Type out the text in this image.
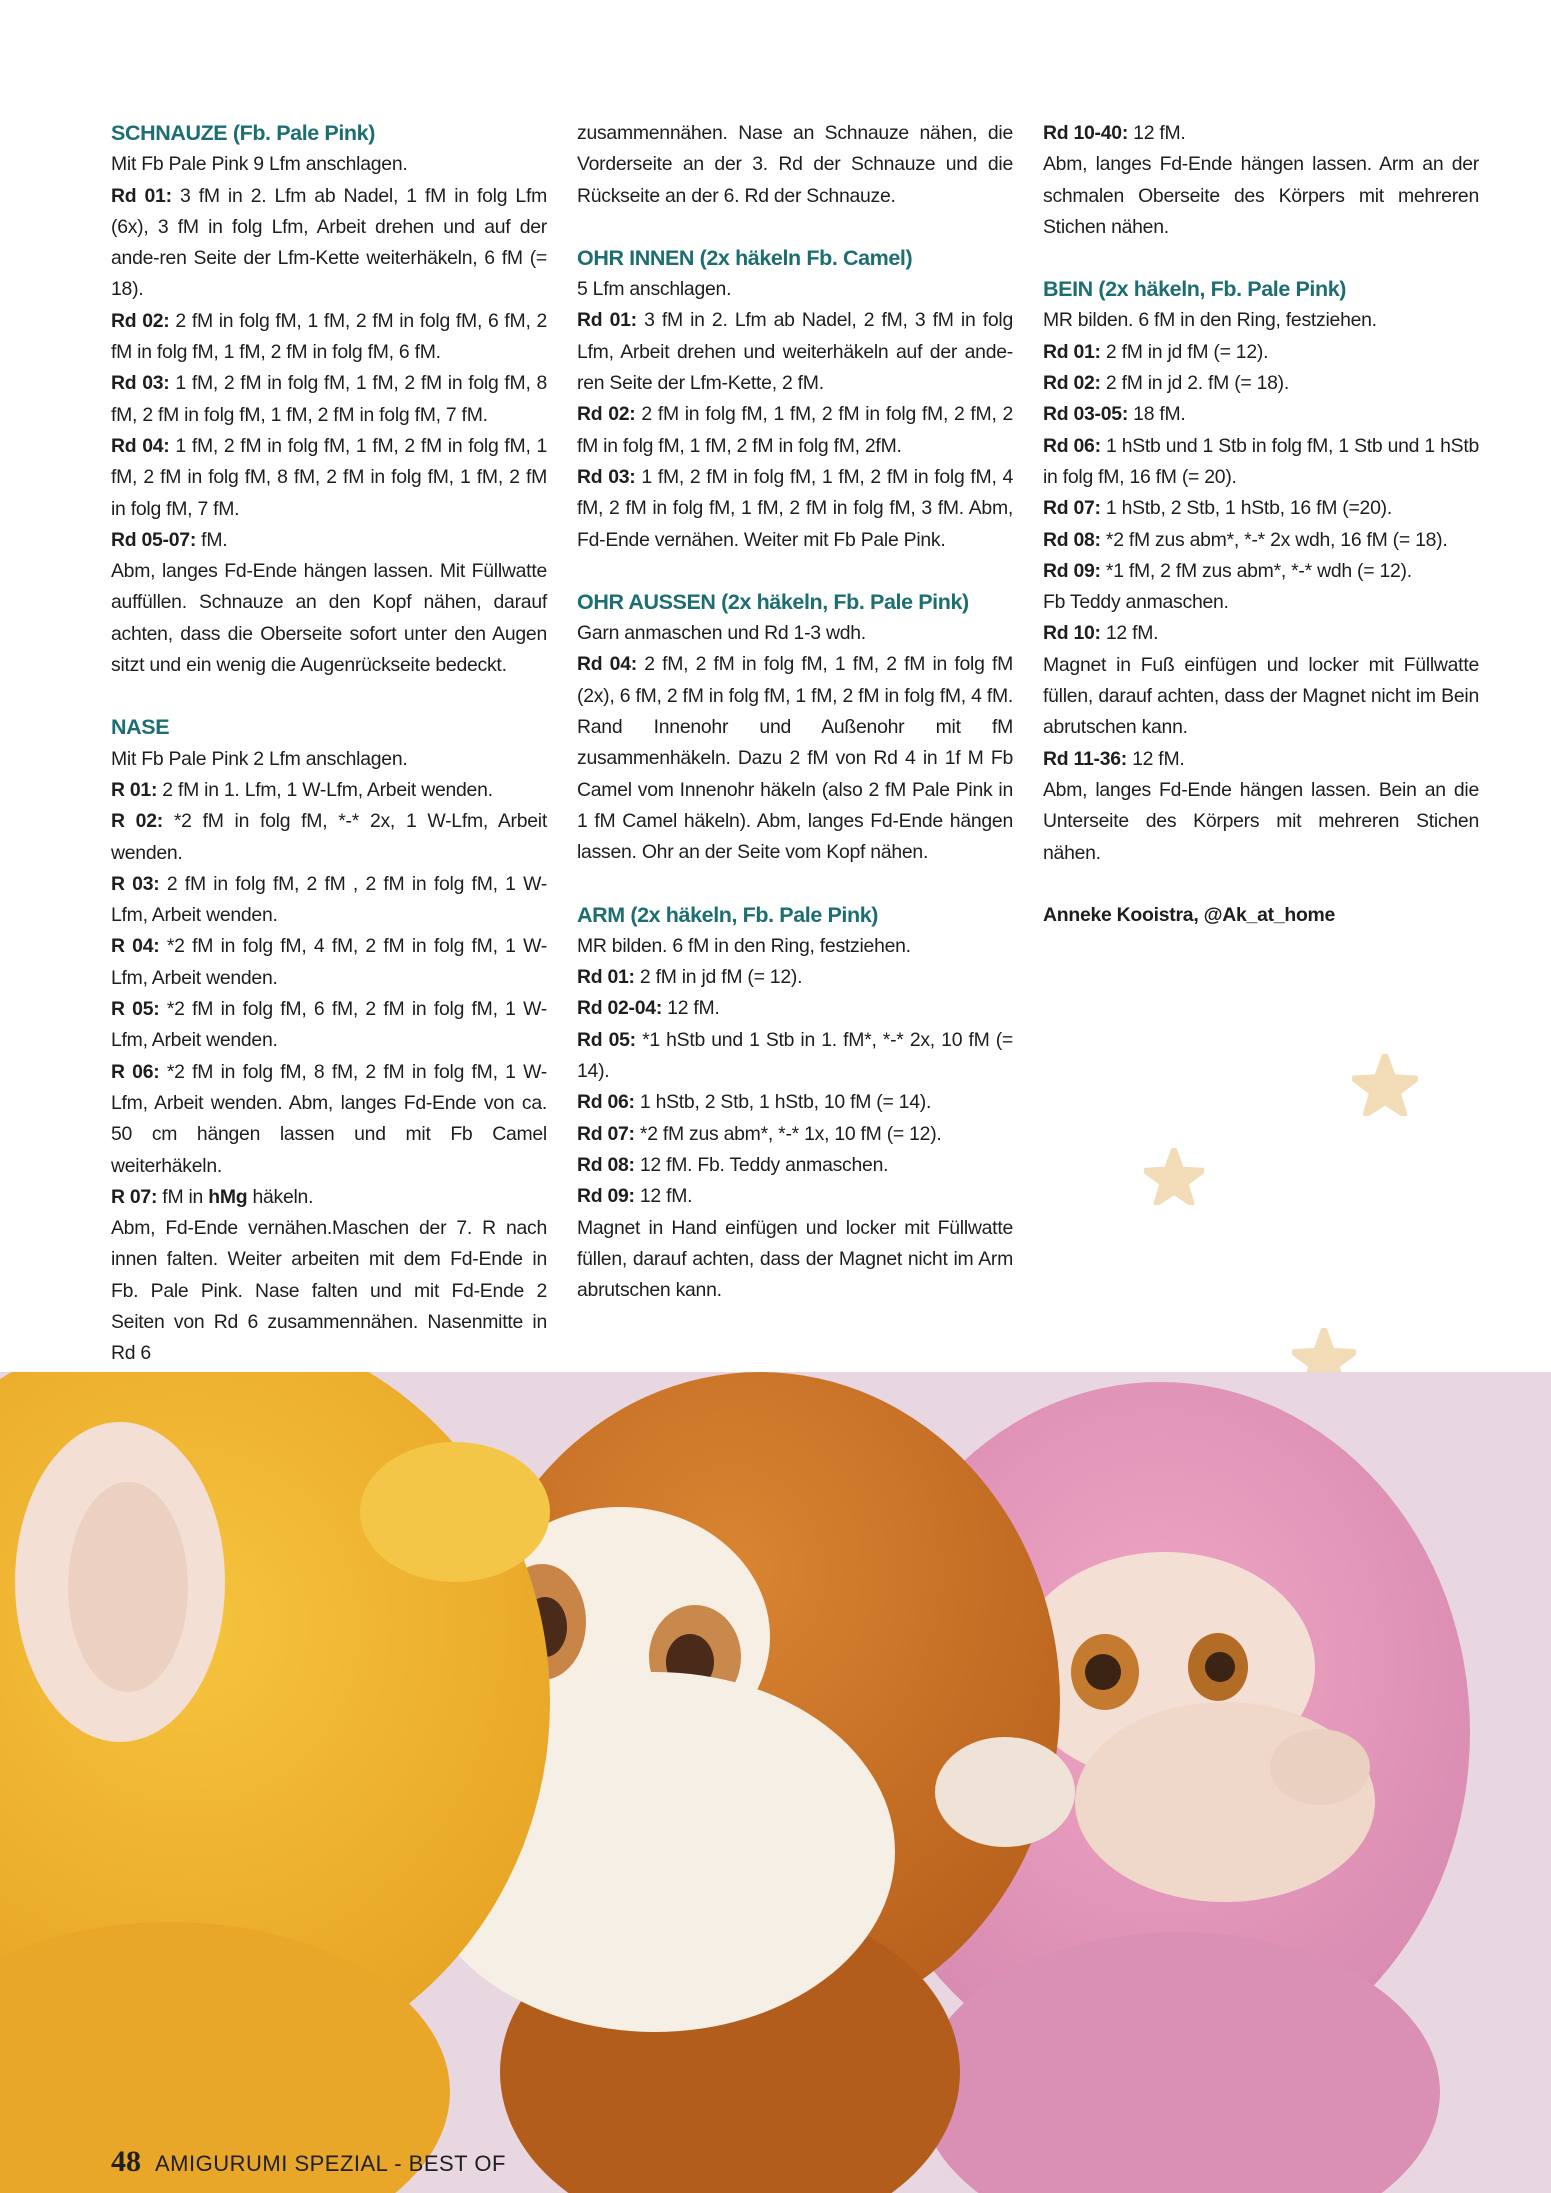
SCHNAUZE (Fb. Pale Pink)

Mit Fb Pale Pink 9 Lfm anschlagen.

Rd 01: 3 fM in 2. Lfm ab Nadel, 1 fM in folg Lfm (6x), 3 fM in folg Lfm, Arbeit drehen und auf der ande-ren Seite der Lfm-Kette weiterhäkeln, 6 fM (= 18).

Rd 02: 2 fM in folg fM, 1 fM, 2 fM in folg fM, 6 fM, 2 fM in folg fM, 1 fM, 2 fM in folg fM, 6 fM.

Rd 03: 1 fM, 2 fM in folg fM, 1 fM, 2 fM in folg fM, 8 fM, 2 fM in folg fM, 1 fM, 2 fM in folg fM, 7 fM.

Rd 04: 1 fM, 2 fM in folg fM, 1 fM, 2 fM in folg fM, 1 fM, 2 fM in folg fM, 8 fM, 2 fM in folg fM, 1 fM, 2 fM in folg fM, 7 fM.

Rd 05-07: fM.

Abm, langes Fd-Ende hängen lassen. Mit Füllwatte auffüllen. Schnauze an den Kopf nähen, darauf achten, dass die Oberseite sofort unter den Augen sitzt und ein wenig die Augenrückseite bedeckt.

NASE

Mit Fb Pale Pink 2 Lfm anschlagen.

R 01: 2 fM in 1. Lfm, 1 W-Lfm, Arbeit wenden.

R 02: *2 fM in folg fM, *-* 2x, 1 W-Lfm, Arbeit wenden.

R 03: 2 fM in folg fM, 2 fM , 2 fM in folg fM, 1 W-Lfm, Arbeit wenden.

R 04: *2 fM in folg fM, 4 fM, 2 fM in folg fM, 1 W-Lfm, Arbeit wenden.

R 05: *2 fM in folg fM, 6 fM, 2 fM in folg fM, 1 W-Lfm, Arbeit wenden.

R 06: *2 fM in folg fM, 8 fM, 2 fM in folg fM, 1 W-Lfm, Arbeit wenden. Abm, langes Fd-Ende von ca. 50 cm hängen lassen und mit Fb Camel weiterhäkeln.

R 07: fM in hMg häkeln.

Abm, Fd-Ende vernähen.Maschen der 7. R nach innen falten. Weiter arbeiten mit dem Fd-Ende in Fb. Pale Pink. Nase falten und mit Fd-Ende 2 Seiten von Rd 6 zusammennähen. Nasenmitte in Rd 6

zusammennähen. Nase an Schnauze nähen, die Vorderseite an der 3. Rd der Schnauze und die Rückseite an der 6. Rd der Schnauze.

OHR INNEN (2x häkeln Fb. Camel)

5 Lfm anschlagen.

Rd 01: 3 fM in 2. Lfm ab Nadel, 2 fM, 3 fM in folg Lfm, Arbeit drehen und weiterhäkeln auf der ande-ren Seite der Lfm-Kette, 2 fM.

Rd 02: 2 fM in folg fM, 1 fM, 2 fM in folg fM, 2 fM, 2 fM in folg fM, 1 fM, 2 fM in folg fM, 2fM.

Rd 03: 1 fM, 2 fM in folg fM, 1 fM, 2 fM in folg fM, 4 fM, 2 fM in folg fM, 1 fM, 2 fM in folg fM, 3 fM. Abm, Fd-Ende vernähen. Weiter mit Fb Pale Pink.

OHR AUSSEN (2x häkeln, Fb. Pale Pink)

Garn anmaschen und Rd 1-3 wdh.

Rd 04: 2 fM, 2 fM in folg fM, 1 fM, 2 fM in folg fM (2x), 6 fM, 2 fM in folg fM, 1 fM, 2 fM in folg fM, 4 fM. Rand Innenohr und Außenohr mit fM zusammenhäkeln. Dazu 2 fM von Rd 4 in 1f M Fb Camel vom Innenohr häkeln (also 2 fM Pale Pink in 1 fM Camel häkeln). Abm, langes Fd-Ende hängen lassen. Ohr an der Seite vom Kopf nähen.

ARM (2x häkeln, Fb. Pale Pink)

MR bilden. 6 fM in den Ring, festziehen.

Rd 01: 2 fM in jd fM (= 12).

Rd 02-04: 12 fM.

Rd 05: *1 hStb und 1 Stb in 1. fM*, *-* 2x, 10 fM (= 14).

Rd 06: 1 hStb, 2 Stb, 1 hStb, 10 fM (= 14).

Rd 07: *2 fM zus abm*, *-* 1x, 10 fM (= 12).

Rd 08: 12 fM. Fb. Teddy anmaschen.

Rd 09: 12 fM.

Magnet in Hand einfügen und locker mit Füllwatte füllen, darauf achten, dass der Magnet nicht im Arm abrutschen kann.

Rd 10-40: 12 fM.

Abm, langes Fd-Ende hängen lassen. Arm an der schmalen Oberseite des Körpers mit mehreren Stichen nähen.

BEIN (2x häkeln, Fb. Pale Pink)

MR bilden. 6 fM in den Ring, festziehen.

Rd 01: 2 fM in jd fM (= 12).

Rd 02: 2 fM in jd 2. fM (= 18).

Rd 03-05: 18 fM.

Rd 06: 1 hStb und 1 Stb in folg fM, 1 Stb und 1 hStb in folg fM, 16 fM (= 20).

Rd 07: 1 hStb, 2 Stb, 1 hStb, 16 fM (=20).

Rd 08: *2 fM zus abm*, *-* 2x wdh, 16 fM (= 18).

Rd 09: *1 fM, 2 fM zus abm*, *-* wdh (= 12).

Fb Teddy anmaschen.

Rd 10: 12 fM.

Magnet in Fuß einfügen und locker mit Füllwatte füllen, darauf achten, dass der Magnet nicht im Bein abrutschen kann.

Rd 11-36: 12 fM.

Abm, langes Fd-Ende hängen lassen. Bein an die Unterseite des Körpers mit mehreren Stichen nähen.

Anneke Kooistra, @Ak_at_home

48 AMIGURUMI SPEZIAL - BEST OF
